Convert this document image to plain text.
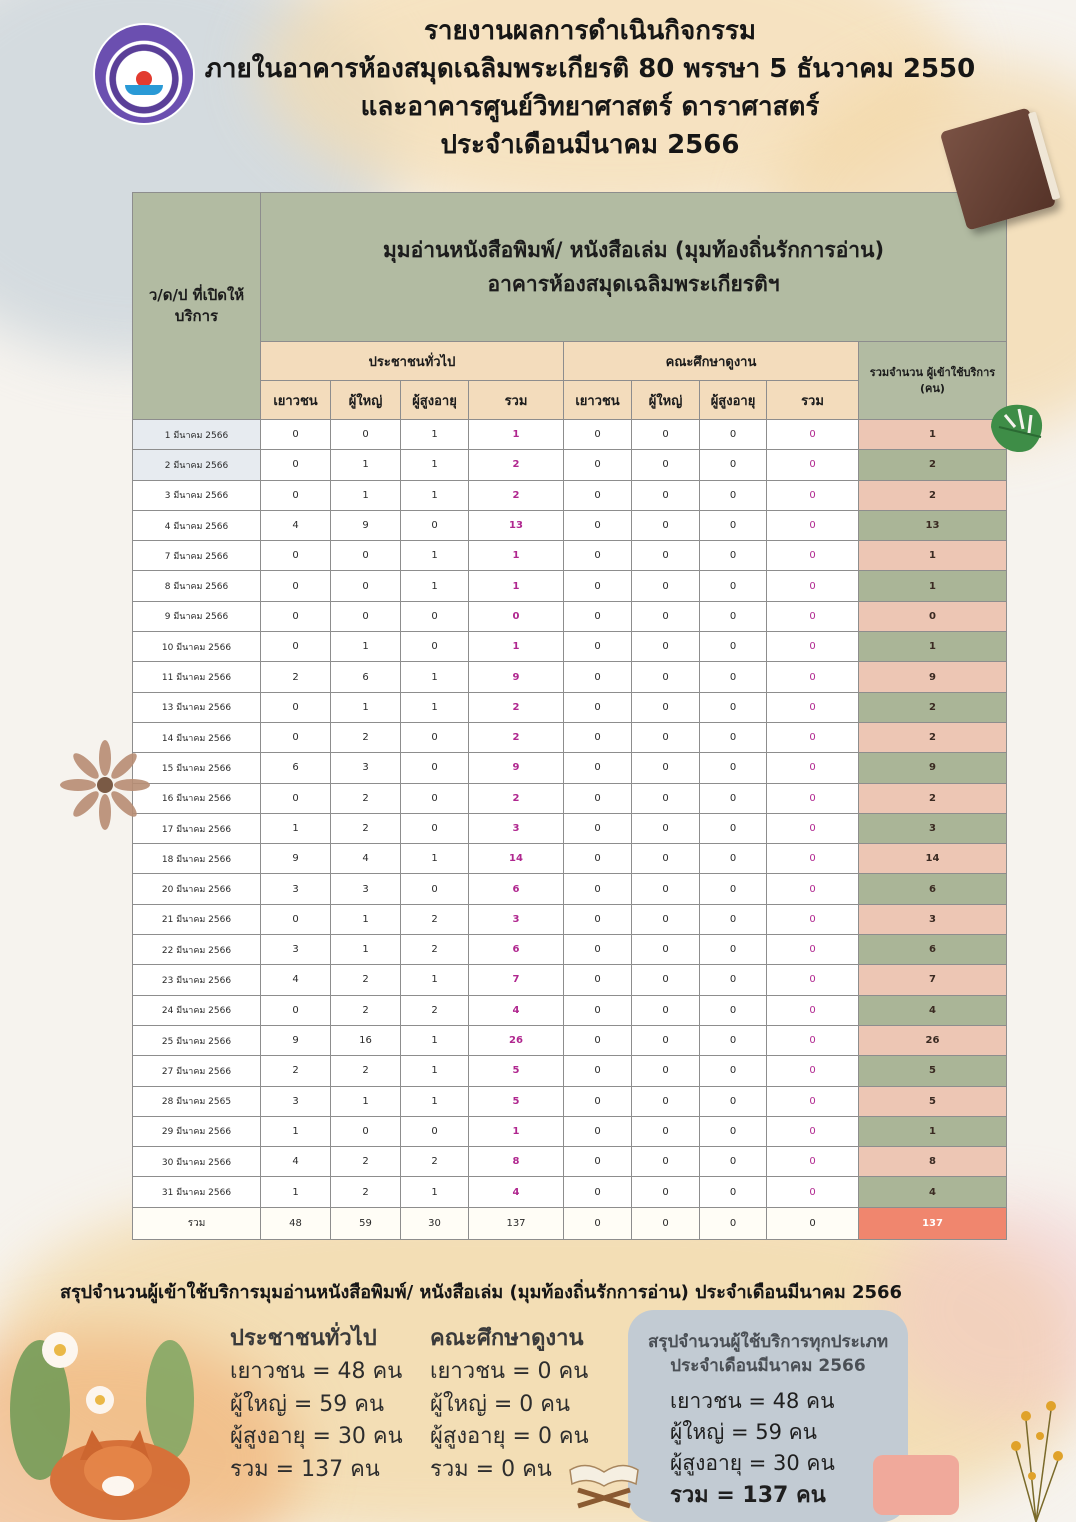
รายงานผลการดำเนินกิจกรรม
ภายในอาคารห้องสมุดเฉลิมพระเกียรติ 80 พรรษา 5 ธันวาคม 2550
และอาคารศูนย์วิทยาศาสตร์ ดาราศาสตร์
ประจำเดือนมีนาคม 2566
ว/ด/ป ที่เปิดให้บริการ	มุมอ่านหนังสือพิมพ์/ หนังสือเล่ม (มุมท้องถิ่นรักการอ่าน)
อาคารห้องสมุดเฉลิมพระเกียรติฯ								

	ประชาชนทั่วไป				คณะศึกษาดูงาน				รวมจำนวน ผู้เข้าใช้บริการ (คน)
	เยาวชน	ผู้ใหญ่	ผู้สูงอายุ	รวม	เยาวชน	ผู้ใหญ่	ผู้สูงอายุ	รวม	
1 มีนาคม 2566	0	0	1	1	0	0	0	0	1
2 มีนาคม 2566	0	1	1	2	0	0	0	0	2
3 มีนาคม 2566	0	1	1	2	0	0	0	0	2
4 มีนาคม 2566	4	9	0	13	0	0	0	0	13
7 มีนาคม 2566	0	0	1	1	0	0	0	0	1
8 มีนาคม 2566	0	0	1	1	0	0	0	0	1
9 มีนาคม 2566	0	0	0	0	0	0	0	0	0
10 มีนาคม 2566	0	1	0	1	0	0	0	0	1
11 มีนาคม 2566	2	6	1	9	0	0	0	0	9
13 มีนาคม 2566	0	1	1	2	0	0	0	0	2
14 มีนาคม 2566	0	2	0	2	0	0	0	0	2
15 มีนาคม 2566	6	3	0	9	0	0	0	0	9
16 มีนาคม 2566	0	2	0	2	0	0	0	0	2
17 มีนาคม 2566	1	2	0	3	0	0	0	0	3
18 มีนาคม 2566	9	4	1	14	0	0	0	0	14
20 มีนาคม 2566	3	3	0	6	0	0	0	0	6
21 มีนาคม 2566	0	1	2	3	0	0	0	0	3
22 มีนาคม 2566	3	1	2	6	0	0	0	0	6
23 มีนาคม 2566	4	2	1	7	0	0	0	0	7
24 มีนาคม 2566	0	2	2	4	0	0	0	0	4
25 มีนาคม 2566	9	16	1	26	0	0	0	0	26
27 มีนาคม 2566	2	2	1	5	0	0	0	0	5
28 มีนาคม 2565	3	1	1	5	0	0	0	0	5
29 มีนาคม 2566	1	0	0	1	0	0	0	0	1
30 มีนาคม 2566	4	2	2	8	0	0	0	0	8
31 มีนาคม 2566	1	2	1	4	0	0	0	0	4
รวม	48	59	30	137	0	0	0	0	137
สรุปจำนวนผู้เข้าใช้บริการมุมอ่านหนังสือพิมพ์/ หนังสือเล่ม (มุมท้องถิ่นรักการอ่าน) ประจำเดือนมีนาคม 2566
ประชาชนทั่วไป
เยาวชน = 48 คน
ผู้ใหญ่ = 59 คน
ผู้สูงอายุ = 30 คน
รวม = 137 คน
คณะศึกษาดูงาน
เยาวชน = 0 คน
ผู้ใหญ่ = 0 คน
ผู้สูงอายุ = 0 คน
รวม = 0 คน
สรุปจำนวนผู้ใช้บริการทุกประเภท
ประจำเดือนมีนาคม 2566
เยาวชน = 48 คน
ผู้ใหญ่ = 59 คน
ผู้สูงอายุ = 30 คน
รวม = 137 คน
